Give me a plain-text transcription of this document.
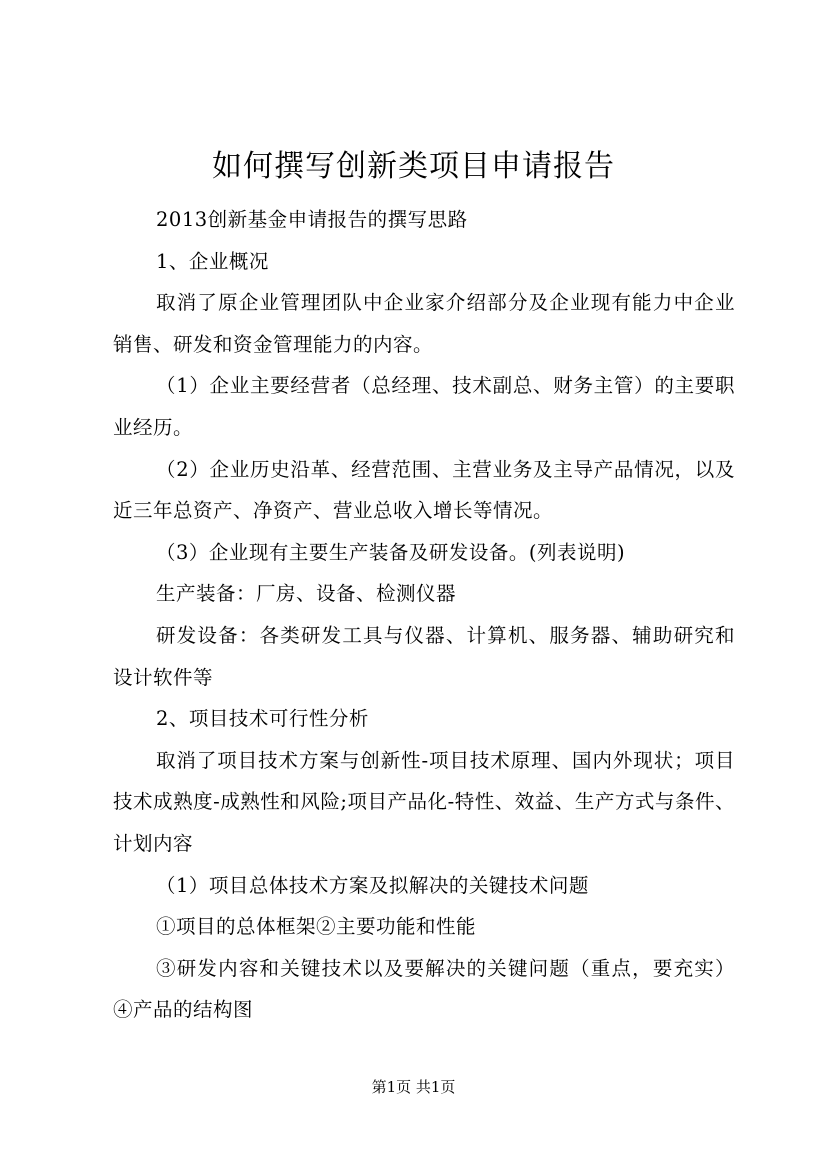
如何撰写创新类项目申请报告

2013创新基金申请报告的撰写思路

1、企业概况

取消了原企业管理团队中企业家介绍部分及企业现有能力中企业销售、研发和资金管理能力的内容。

（1）企业主要经营者（总经理、技术副总、财务主管）的主要职业经历。

（2）企业历史沿革、经营范围、主营业务及主导产品情况，以及近三年总资产、净资产、营业总收入增长等情况。

（3）企业现有主要生产装备及研发设备。(列表说明)

生产装备：厂房、设备、检测仪器

研发设备：各类研发工具与仪器、计算机、服务器、辅助研究和设计软件等

2、项目技术可行性分析

取消了项目技术方案与创新性-项目技术原理、国内外现状；项目技术成熟度-成熟性和风险;项目产品化-特性、效益、生产方式与条件、计划内容

（1）项目总体技术方案及拟解决的关键技术问题

①项目的总体框架②主要功能和性能

③研发内容和关键技术以及要解决的关键问题（重点，要充实）④产品的结构图

第1页 共1页
